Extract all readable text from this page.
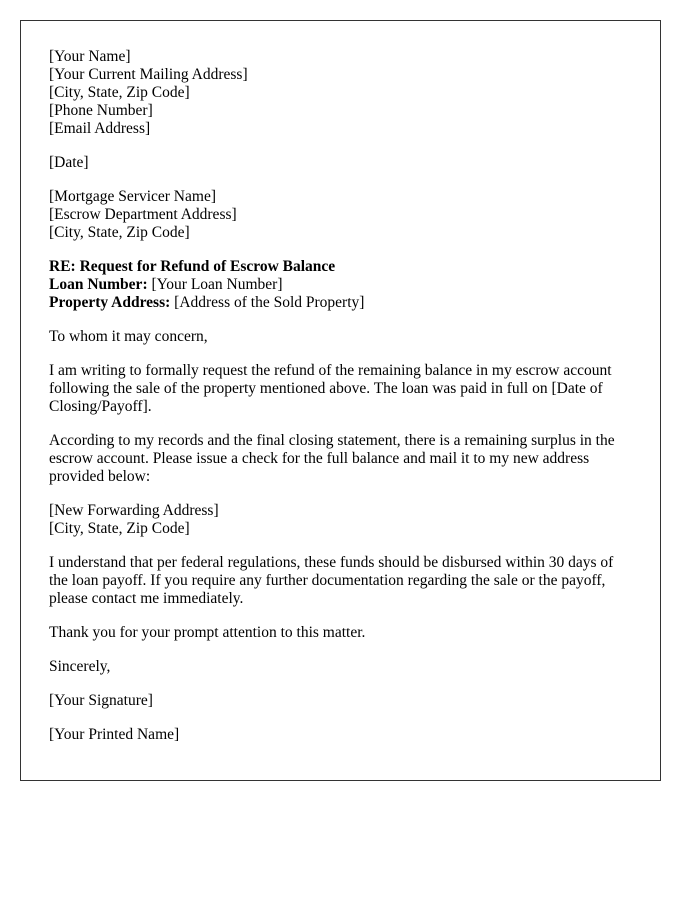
[Your Name]
[Your Current Mailing Address]
[City, State, Zip Code]
[Phone Number]
[Email Address]

[Date]

[Mortgage Servicer Name]
[Escrow Department Address]
[City, State, Zip Code]

RE: Request for Refund of Escrow Balance
Loan Number: [Your Loan Number]
Property Address: [Address of the Sold Property]

To whom it may concern,

I am writing to formally request the refund of the remaining balance in my escrow account following the sale of the property mentioned above. The loan was paid in full on [Date of Closing/Payoff].

According to my records and the final closing statement, there is a remaining surplus in the escrow account. Please issue a check for the full balance and mail it to my new address provided below:

[New Forwarding Address]
[City, State, Zip Code]

I understand that per federal regulations, these funds should be disbursed within 30 days of the loan payoff. If you require any further documentation regarding the sale or the payoff, please contact me immediately.

Thank you for your prompt attention to this matter.

Sincerely,

[Your Signature]

[Your Printed Name]
